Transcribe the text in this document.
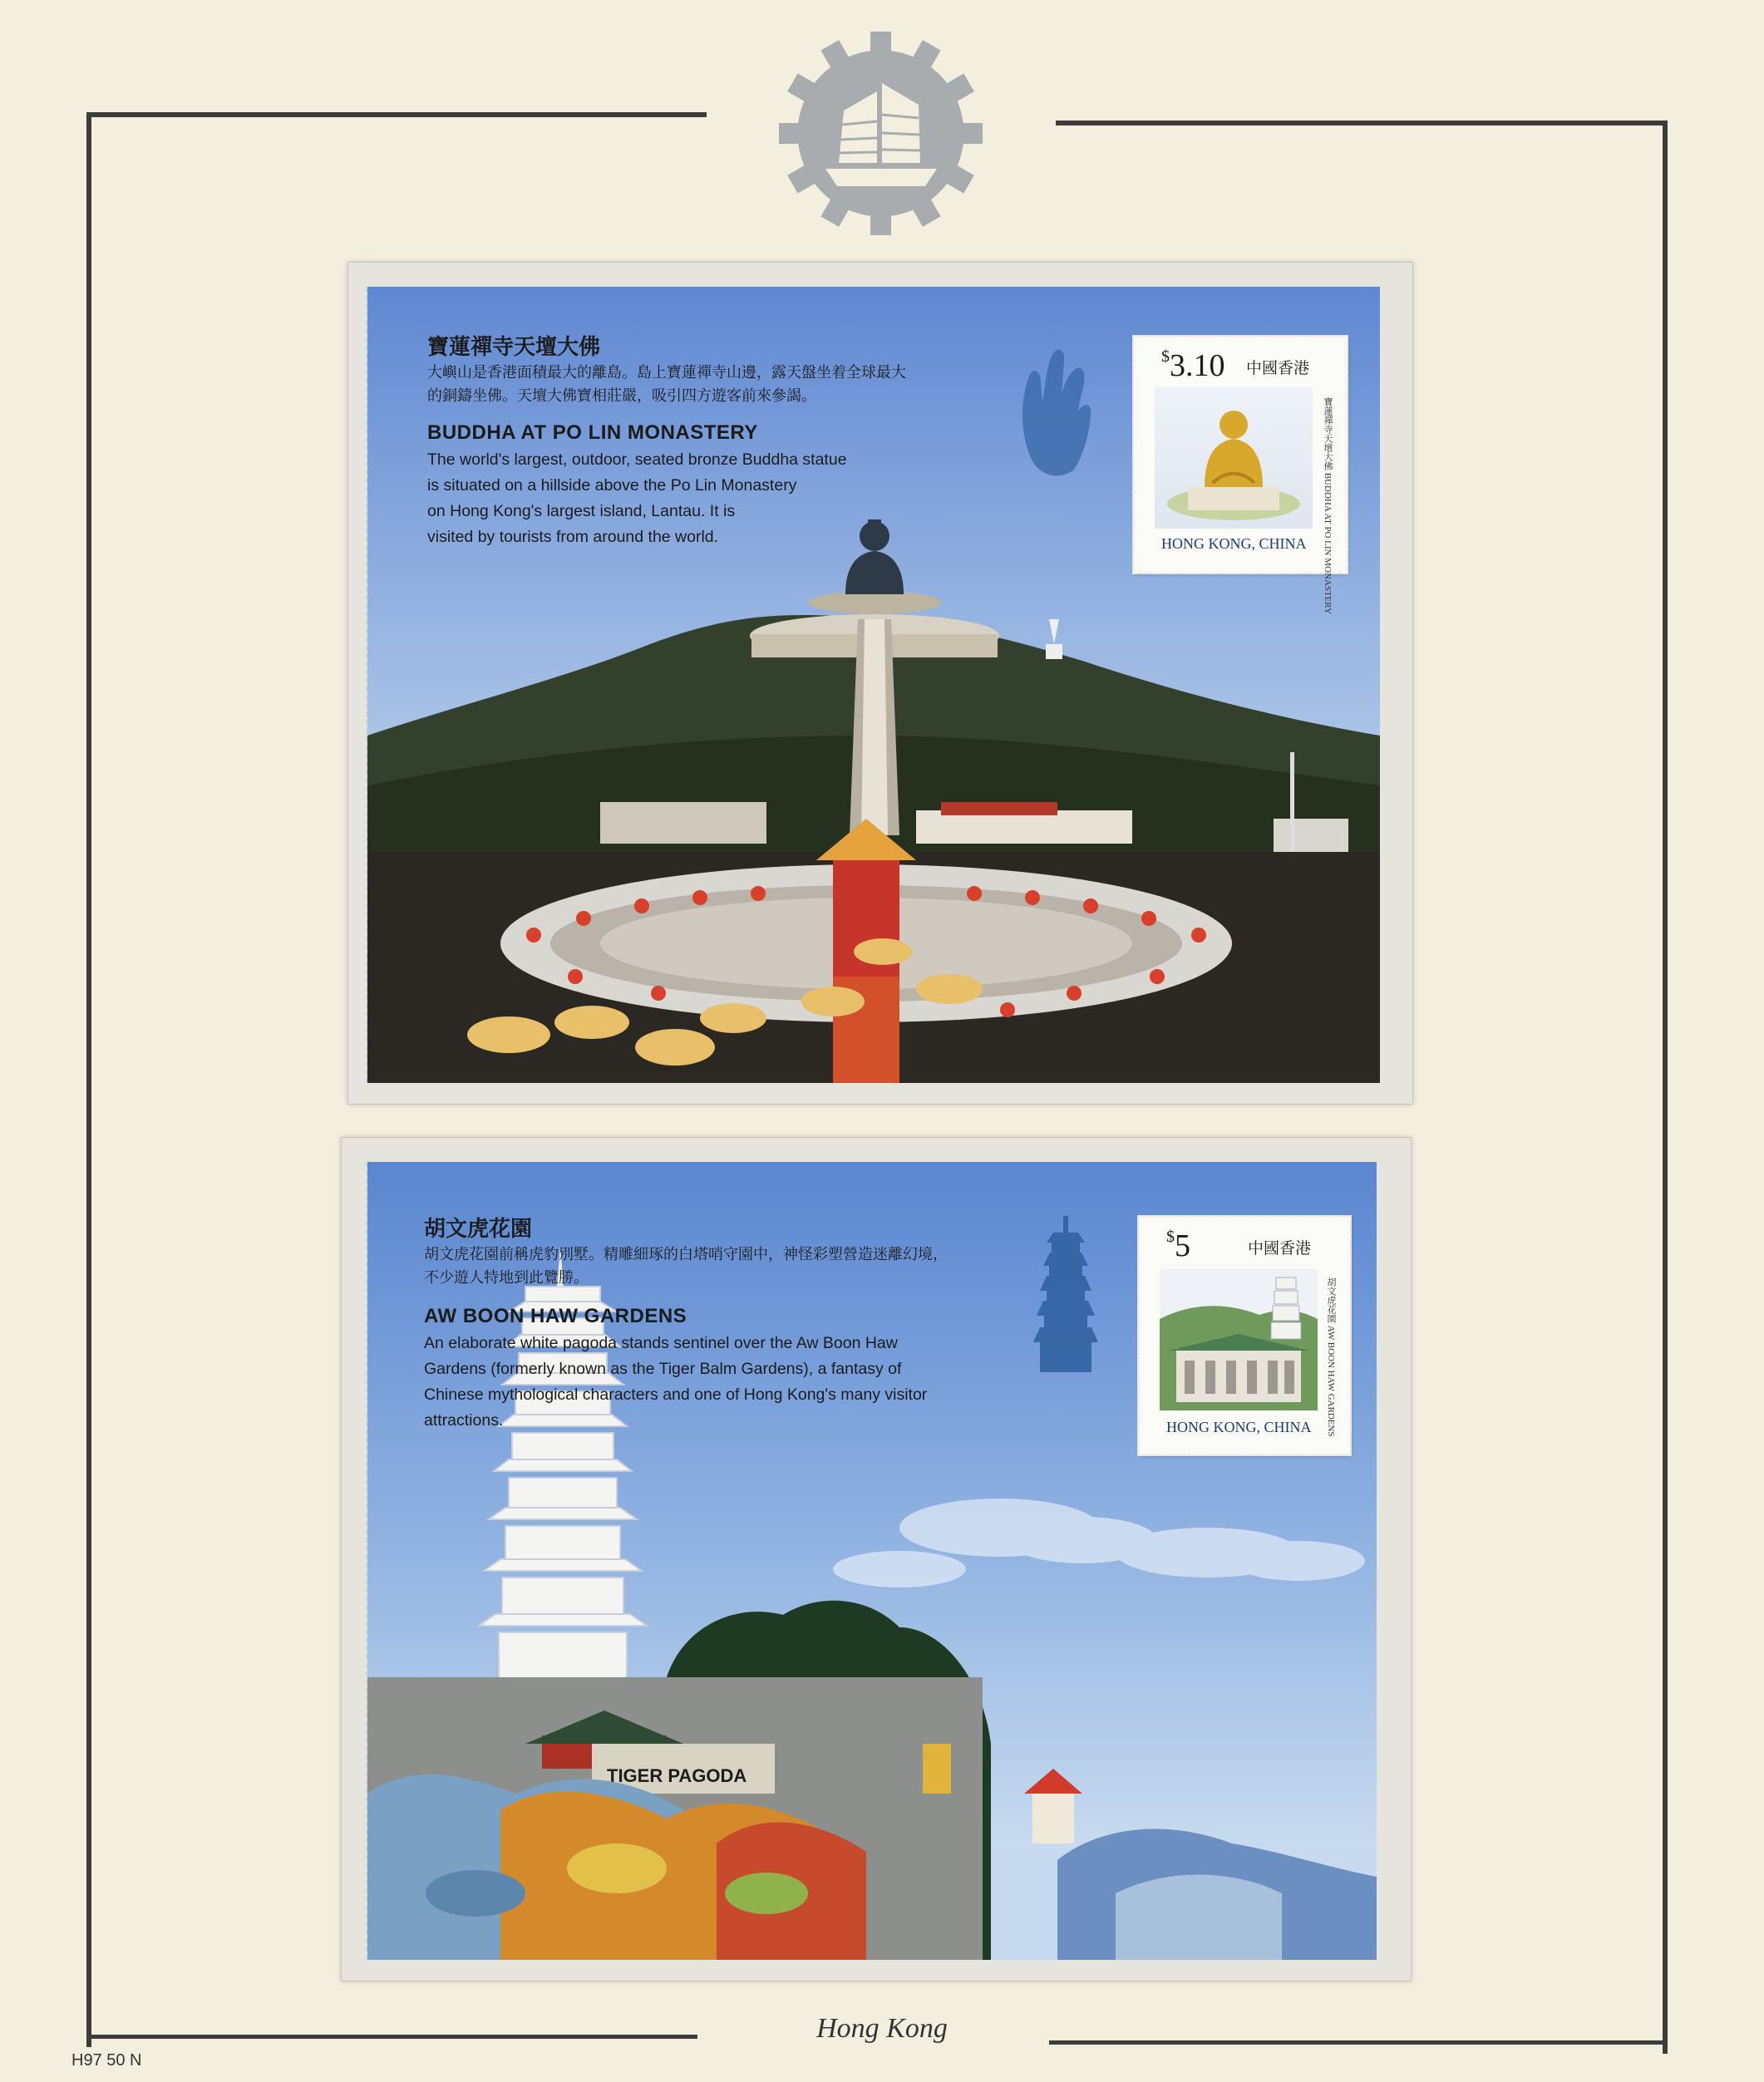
寶蓮禪寺天壇大佛
大嶼山是香港面積最大的離島。島上寶蓮禪寺山邊，露天盤坐着全球最大
的銅鑄坐佛。天壇大佛寶相莊嚴，吸引四方遊客前來參謁。
BUDDHA AT PO LIN MONASTERY
The world's largest, outdoor, seated bronze Buddha statue
is situated on a hillside above the Po Lin Monastery
on Hong Kong's largest island, Lantau. It is
visited by tourists from around the world.
$3.10 中國香港
寶蓮禪寺天壇大佛 BUDDHA AT PO LIN MONASTERY
HONG KONG, CHINA
TIGER PAGODA
胡文虎花園
胡文虎花園前稱虎豹別墅。精雕細琢的白塔哨守園中，神怪彩塑營造迷離幻境，
不少遊人特地到此覽勝。
AW BOON HAW GARDENS
An elaborate white pagoda stands sentinel over the Aw Boon Haw
Gardens (formerly known as the Tiger Balm Gardens), a fantasy of
Chinese mythological characters and one of Hong Kong's many visitor
attractions.
$5	中國香港
胡文虎花園 AW BOON HAW GARDENS
HONG KONG, CHINA
Hong Kong
H97 50 N
